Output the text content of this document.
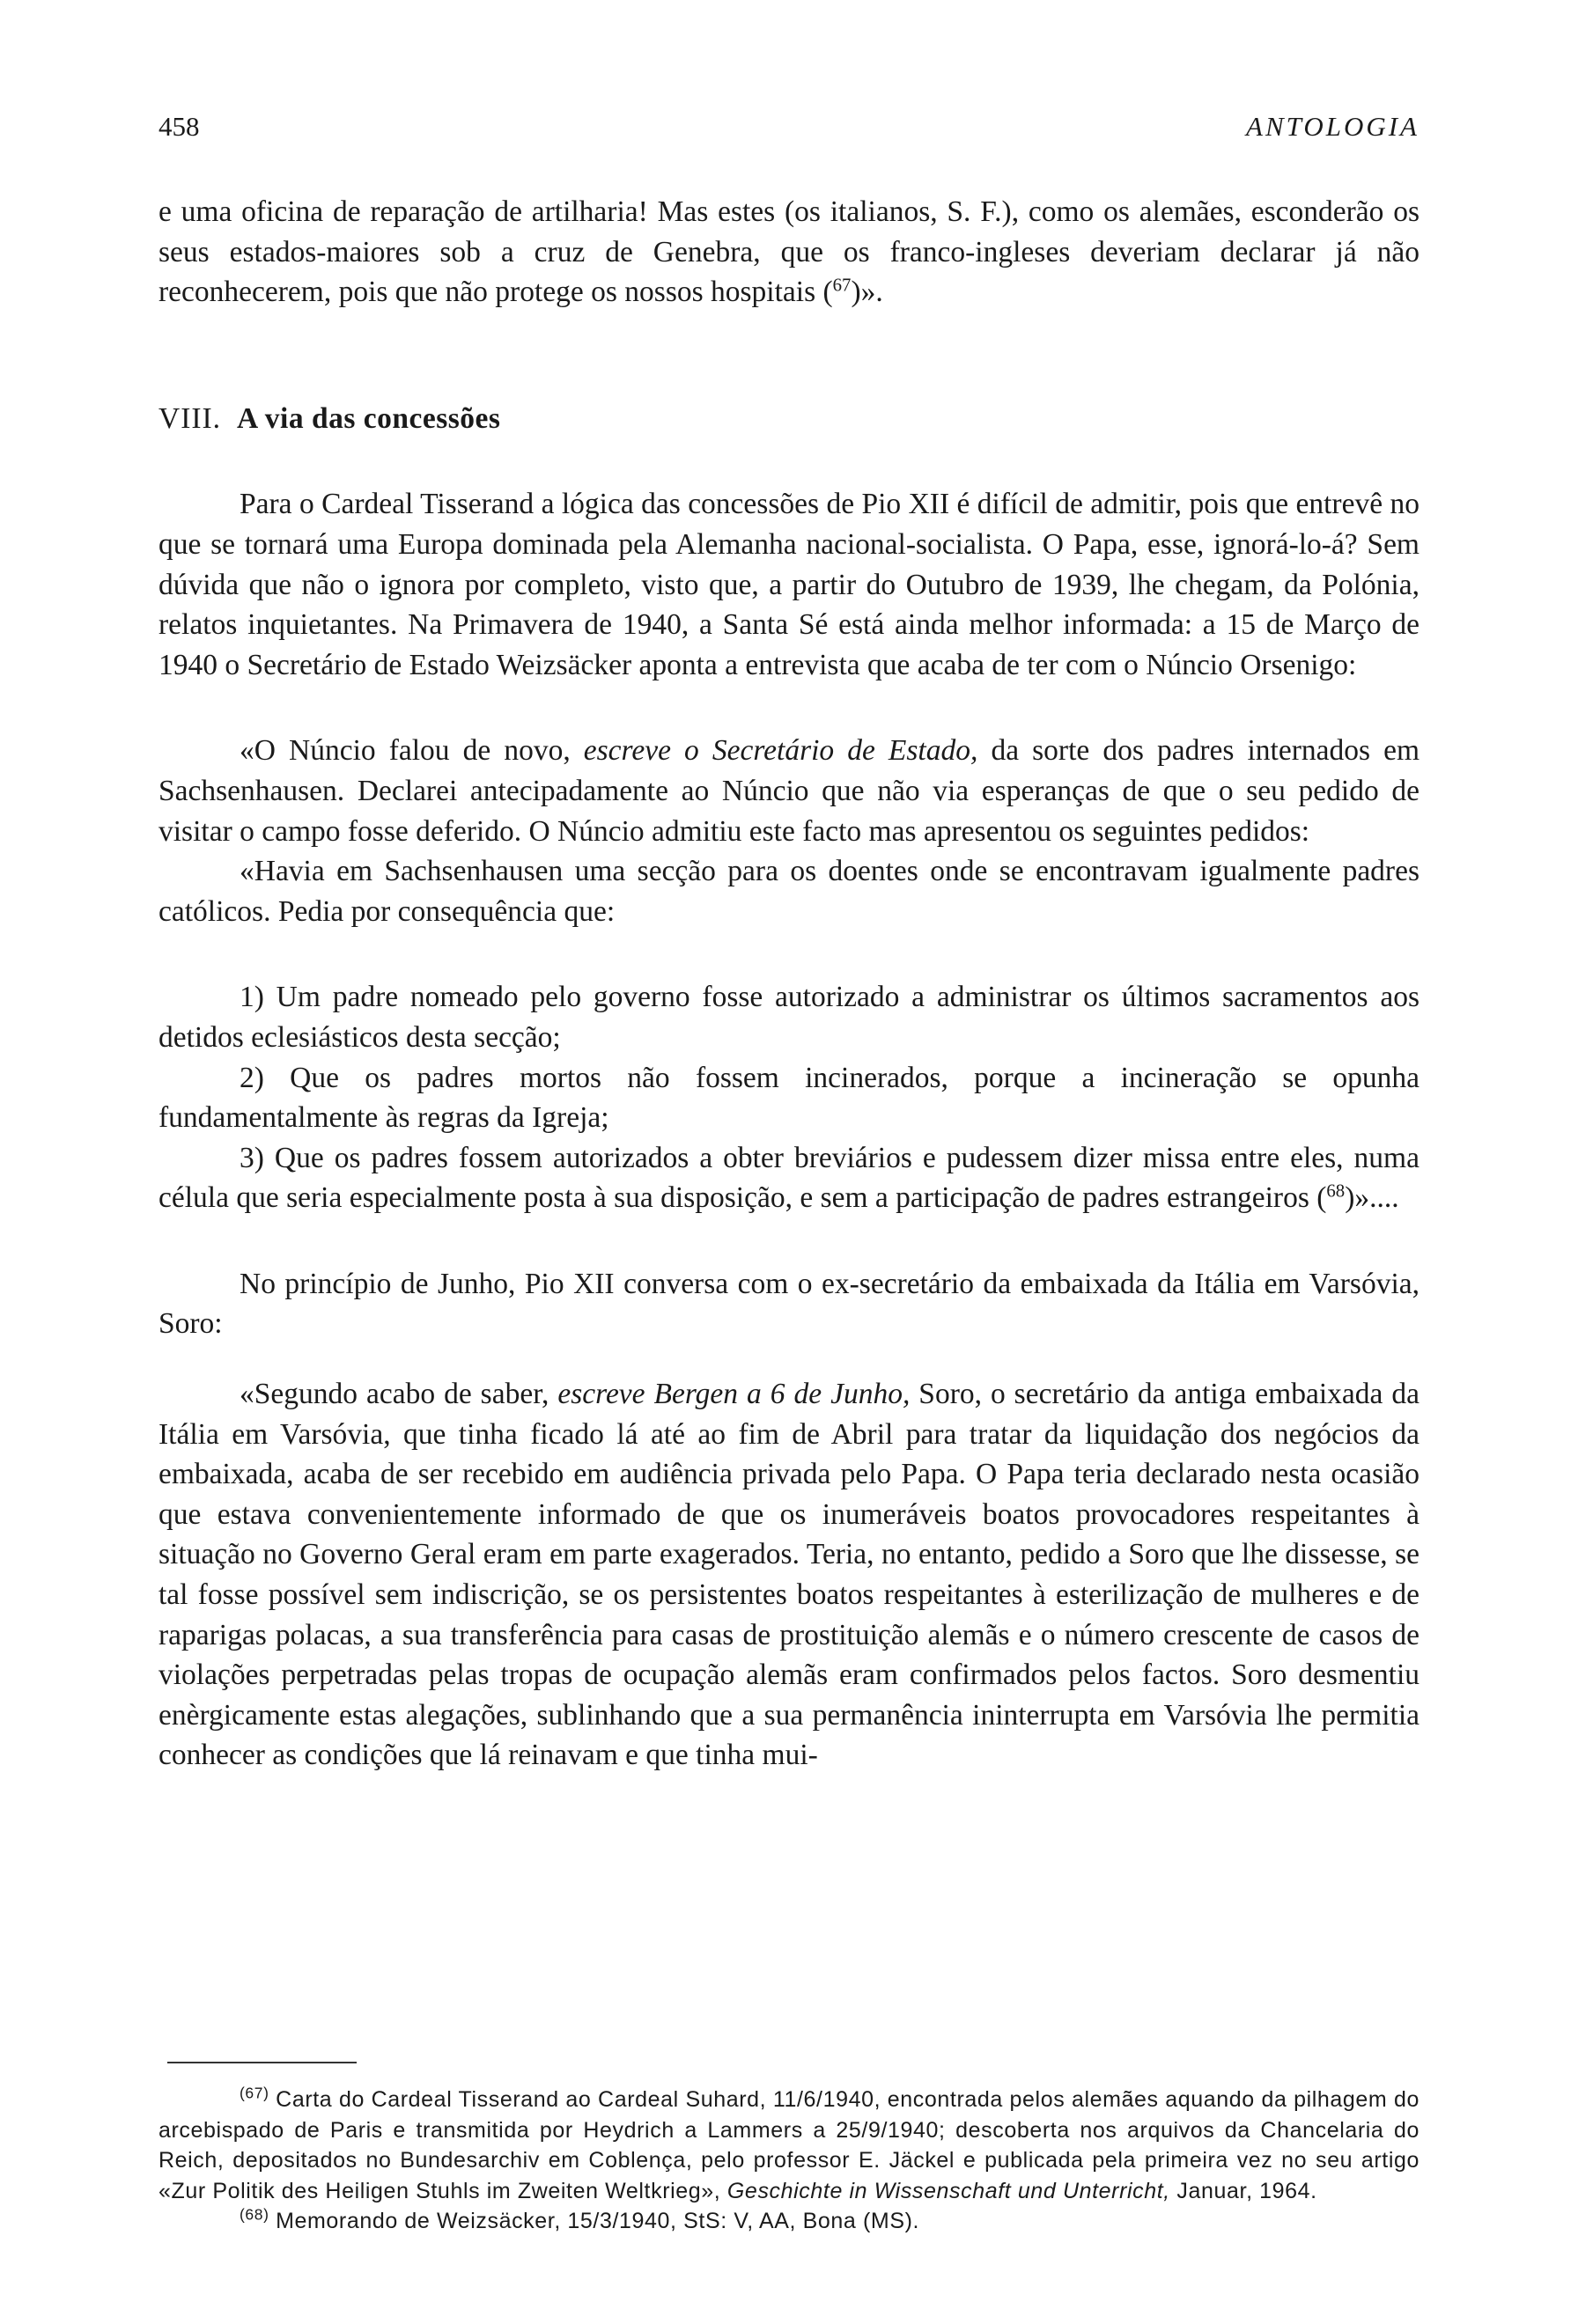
458	ANTOLOGIA

e uma oficina de reparação de artilharia! Mas estes (os italianos, S. F.), como os alemães, esconderão os seus estados-maiores sob a cruz de Genebra, que os franco-ingleses deveriam declarar já não reconhecerem, pois que não protege os nossos hospitais ($^{67}$)».

VIII. A via das concessões

Para o Cardeal Tisserand a lógica das concessões de Pio XII é difícil de admitir, pois que entrevê no que se tornará uma Europa dominada pela Alemanha nacional-socialista. O Papa, esse, ignorá-lo-á? Sem dúvida que não o ignora por completo, visto que, a partir do Outubro de 1939, lhe chegam, da Polónia, relatos inquietantes. Na Primavera de 1940, a Santa Sé está ainda melhor informada: a 15 de Março de 1940 o Secretário de Estado Weizsäcker aponta a entrevista que acaba de ter com o Núncio Orsenigo:

«O Núncio falou de novo, escreve o Secretário de Estado, da sorte dos padres internados em Sachsenhausen. Declarei antecipadamente ao Núncio que não via esperanças de que o seu pedido de visitar o campo fosse deferido. O Núncio admitiu este facto mas apresentou os seguintes pedidos:

«Havia em Sachsenhausen uma secção para os doentes onde se encontravam igualmente padres católicos. Pedia por consequência que:

1) Um padre nomeado pelo governo fosse autorizado a administrar os últimos sacramentos aos detidos eclesiásticos desta secção;

2) Que os padres mortos não fossem incinerados, porque a incineração se opunha fundamentalmente às regras da Igreja;

3) Que os padres fossem autorizados a obter breviários e pudessem dizer missa entre eles, numa célula que seria especialmente posta à sua disposição, e sem a participação de padres estrangeiros ($^{68}$)»....

No princípio de Junho, Pio XII conversa com o ex-secretário da embaixada da Itália em Varsóvia, Soro:

«Segundo acabo de saber, escreve Bergen a 6 de Junho, Soro, o secretário da antiga embaixada da Itália em Varsóvia, que tinha ficado lá até ao fim de Abril para tratar da liquidação dos negócios da embaixada, acaba de ser recebido em audiência privada pelo Papa. O Papa teria declarado nesta ocasião que estava convenientemente informado de que os inumeráveis boatos provocadores respeitantes à situação no Governo Geral eram em parte exagerados. Teria, no entanto, pedido a Soro que lhe dissesse, se tal fosse possível sem indiscrição, se os persistentes boatos respeitantes à esterilização de mulheres e de raparigas polacas, a sua transferência para casas de prostituição alemãs e o número crescente de casos de violações perpetradas pelas tropas de ocupação alemãs eram confirmados pelos factos. Soro desmentiu enèrgicamente estas alegações, sublinhando que a sua permanência ininterrupta em Varsóvia lhe permitia conhecer as condições que lá reinavam e que tinha mui-

$^{(67)}$ Carta do Cardeal Tisserand ao Cardeal Suhard, 11/6/1940, encontrada pelos alemães aquando da pilhagem do arcebispado de Paris e transmitida por Heydrich a Lammers a 25/9/1940; descoberta nos arquivos da Chancelaria do Reich, depositados no Bundesarchiv em Coblença, pelo professor E. Jäckel e publicada pela primeira vez no seu artigo «Zur Politik des Heiligen Stuhls im Zweiten Weltkrieg», Geschichte in Wissenschaft und Unterricht, Januar, 1964.

$^{(68)}$ Memorando de Weizsäcker, 15/3/1940, StS: V, AA, Bona (MS).
